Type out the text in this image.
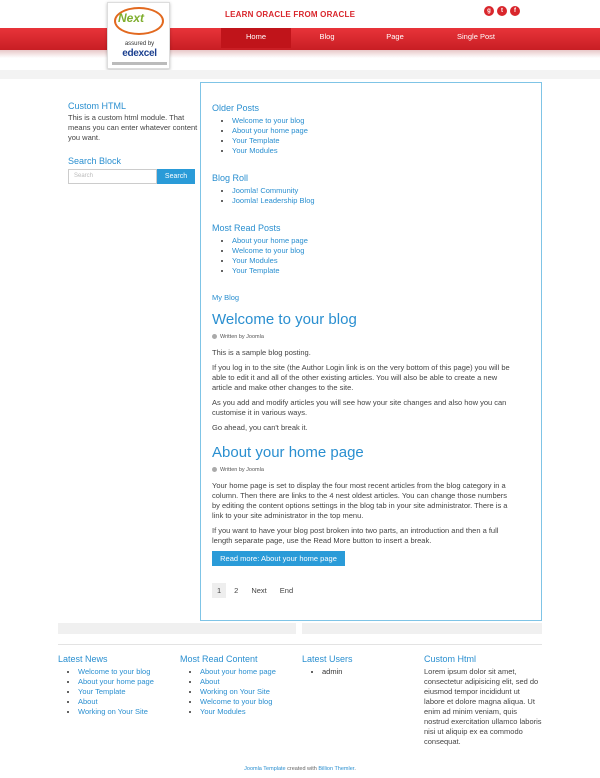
Next
assured by
edexcel
LEARN ORACLE FROM ORACLE	g	t	f
Home	Blog	Page	Single Post
Custom HTML

This is a custom html module. That means you can enter whatever content you want.

Search Block
Search	Search
Older Posts
• Welcome to your blog
• About your home page
• Your Template
• Your Modules
Blog Roll
• Joomla! Community
• Joomla! Leadership Blog
Most Read Posts
• About your home page
• Welcome to your blog
• Your Modules
• Your Template
My Blog
Welcome to your blog
Written by Joomla
This is a sample blog posting.
If you log in to the site (the Author Login link is on the very bottom of this page) you will be able to edit it and all of the other existing articles. You will also be able to create a new article and make other changes to the site.
As you add and modify articles you will see how your site changes and also how you can customise it in various ways.
Go ahead, you can't break it.
About your home page
Written by Joomla
Your home page is set to display the four most recent articles from the blog category in a column. Then there are links to the 4 nest oldest articles. You can change those numbers by editing the content options settings in the blog tab in your site administrator. There is a link to your site administrator in the top menu.
If you want to have your blog post broken into two parts, an introduction and then a full length separate page, use the Read More button to insert a break.
Read more: About your home page
1	2	Next	End
Latest News
• Welcome to your blog
• About your home page
• Your Template
• About
• Working on Your Site
Most Read Content
• About your home page
• About
• Working on Your Site
• Welcome to your blog
• Your Modules
Latest Users
• admin
Custom Html

Lorem ipsum dolor sit amet, consectetur adipisicing elit, sed do eiusmod tempor incididunt ut labore et dolore magna aliqua. Ut enim ad minim veniam, quis nostrud exercitation ullamco laboris nisi ut aliquip ex ea commodo consequat.

Joomla Template created with Billion Themler.
